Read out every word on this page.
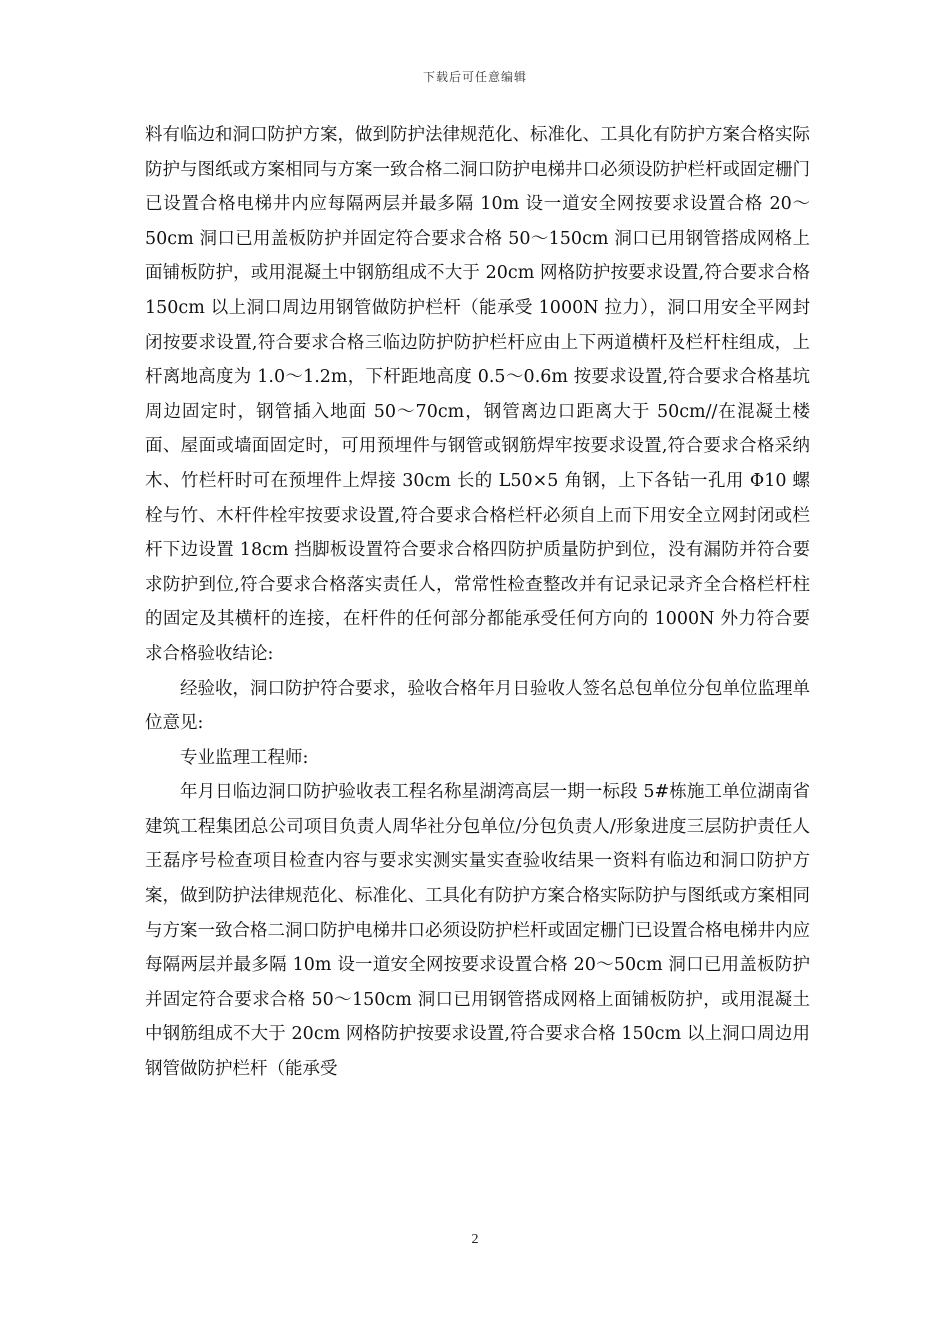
下载后可任意编辑

料有临边和洞口防护方案，做到防护法律规范化、标准化、工具化有防护方案合格实际防护与图纸或方案相同与方案一致合格二洞口防护电梯井口必须设防护栏杆或固定栅门已设置合格电梯井内应每隔两层并最多隔 10m 设一道安全网按要求设置合格 20～50cm 洞口已用盖板防护并固定符合要求合格 50～150cm 洞口已用钢管搭成网格上面铺板防护，或用混凝土中钢筋组成不大于 20cm 网格防护按要求设置,符合要求合格 150cm 以上洞口周边用钢管做防护栏杆（能承受 1000N 拉力），洞口用安全平网封闭按要求设置,符合要求合格三临边防护防护栏杆应由上下两道横杆及栏杆柱组成，上杆离地高度为 1.0～1.2m，下杆距地高度 0.5～0.6m 按要求设置,符合要求合格基坑周边固定时，钢管插入地面 50～70cm，钢管离边口距离大于 50cm//在混凝土楼面、屋面或墙面固定时，可用预埋件与钢管或钢筋焊牢按要求设置,符合要求合格采纳木、竹栏杆时可在预埋件上焊接 30cm 长的 L50×5 角钢，上下各钻一孔用 Φ10 螺栓与竹、木杆件栓牢按要求设置,符合要求合格栏杆必须自上而下用安全立网封闭或栏杆下边设置 18cm 挡脚板设置符合要求合格四防护质量防护到位，没有漏防并符合要求防护到位,符合要求合格落实责任人，常常性检查整改并有记录记录齐全合格栏杆柱的固定及其横杆的连接，在杆件的任何部分都能承受任何方向的 1000N 外力符合要求合格验收结论:

经验收，洞口防护符合要求，验收合格年月日验收人签名总包单位分包单位监理单位意见:

专业监理工程师:

年月日临边洞口防护验收表工程名称星湖湾高层一期一标段 5#栋施工单位湖南省建筑工程集团总公司项目负责人周华社分包单位/分包负责人/形象进度三层防护责任人王磊序号检查项目检查内容与要求实测实量实查验收结果一资料有临边和洞口防护方案，做到防护法律规范化、标准化、工具化有防护方案合格实际防护与图纸或方案相同与方案一致合格二洞口防护电梯井口必须设防护栏杆或固定栅门已设置合格电梯井内应每隔两层并最多隔 10m 设一道安全网按要求设置合格 20～50cm 洞口已用盖板防护并固定符合要求合格 50～150cm 洞口已用钢管搭成网格上面铺板防护，或用混凝土中钢筋组成不大于 20cm 网格防护按要求设置,符合要求合格 150cm 以上洞口周边用钢管做防护栏杆（能承受

2
